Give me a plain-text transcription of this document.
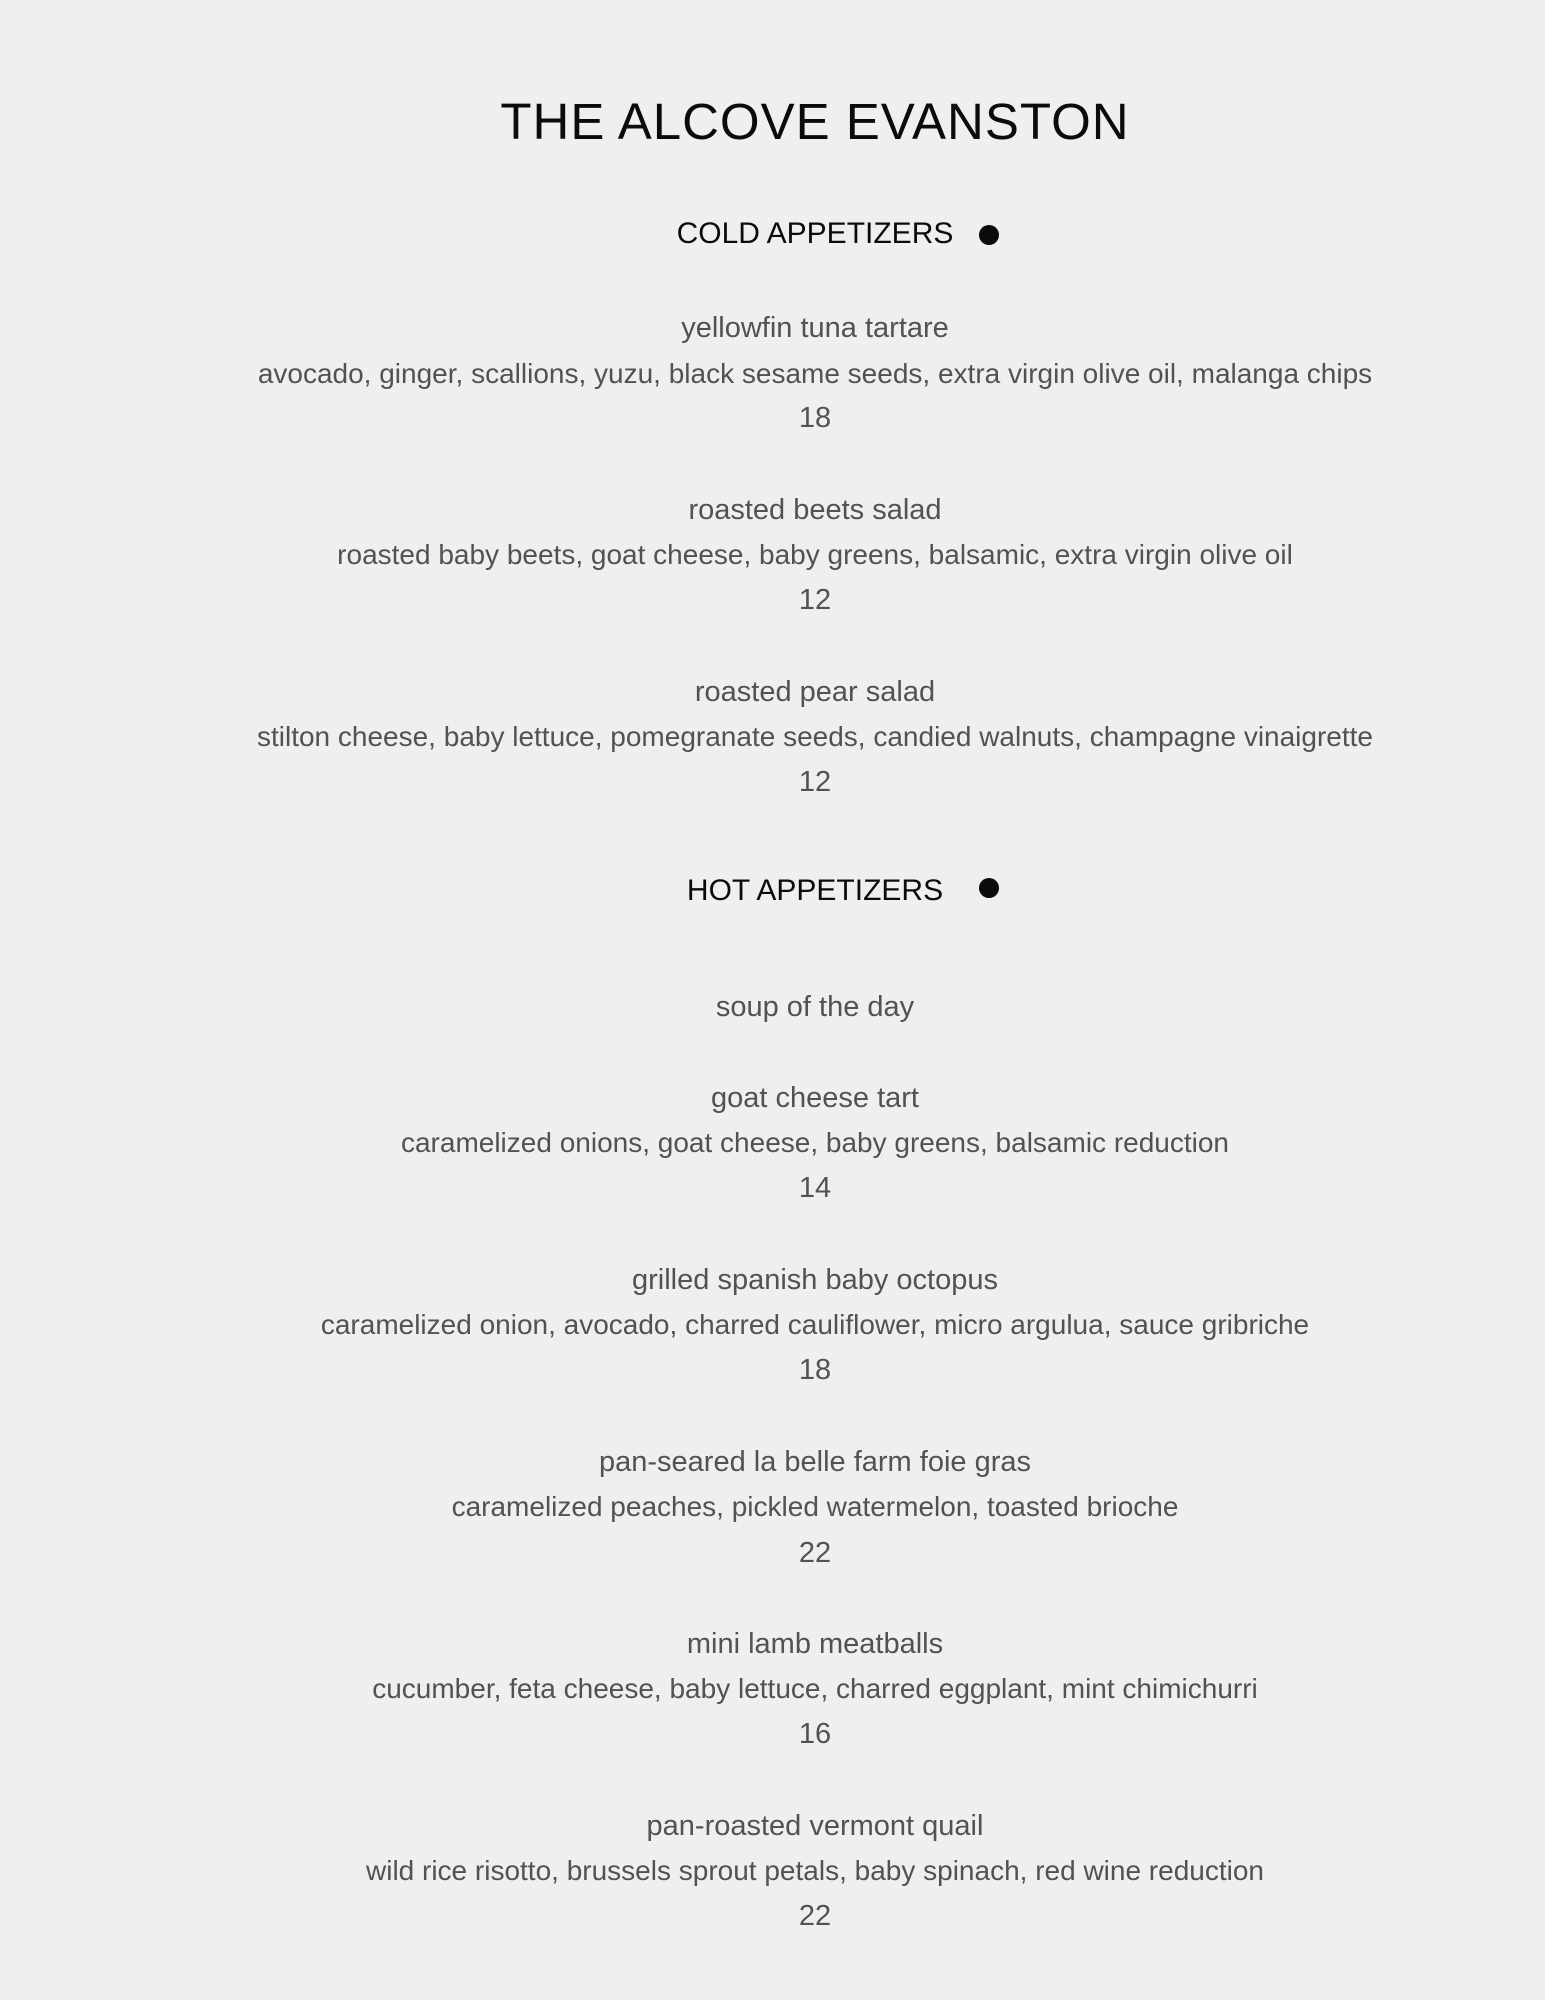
THE ALCOVE EVANSTON
COLD APPETIZERS

yellowfin tuna tartare

avocado, ginger, scallions, yuzu, black sesame seeds, extra virgin olive oil, malanga chips

18

roasted beets salad

roasted baby beets, goat cheese, baby greens, balsamic, extra virgin olive oil

12

roasted pear salad

stilton cheese, baby lettuce, pomegranate seeds, candied walnuts, champagne vinaigrette

12

HOT APPETIZERS

soup of the day

goat cheese tart

caramelized onions, goat cheese, baby greens, balsamic reduction

14

grilled spanish baby octopus

caramelized onion, avocado, charred cauliflower, micro argulua, sauce gribriche

18

pan-seared la belle farm foie gras

caramelized peaches, pickled watermelon, toasted brioche

22

mini lamb meatballs

cucumber, feta cheese, baby lettuce, charred eggplant, mint chimichurri

16

pan-roasted vermont quail

wild rice risotto, brussels sprout petals, baby spinach, red wine reduction

22
